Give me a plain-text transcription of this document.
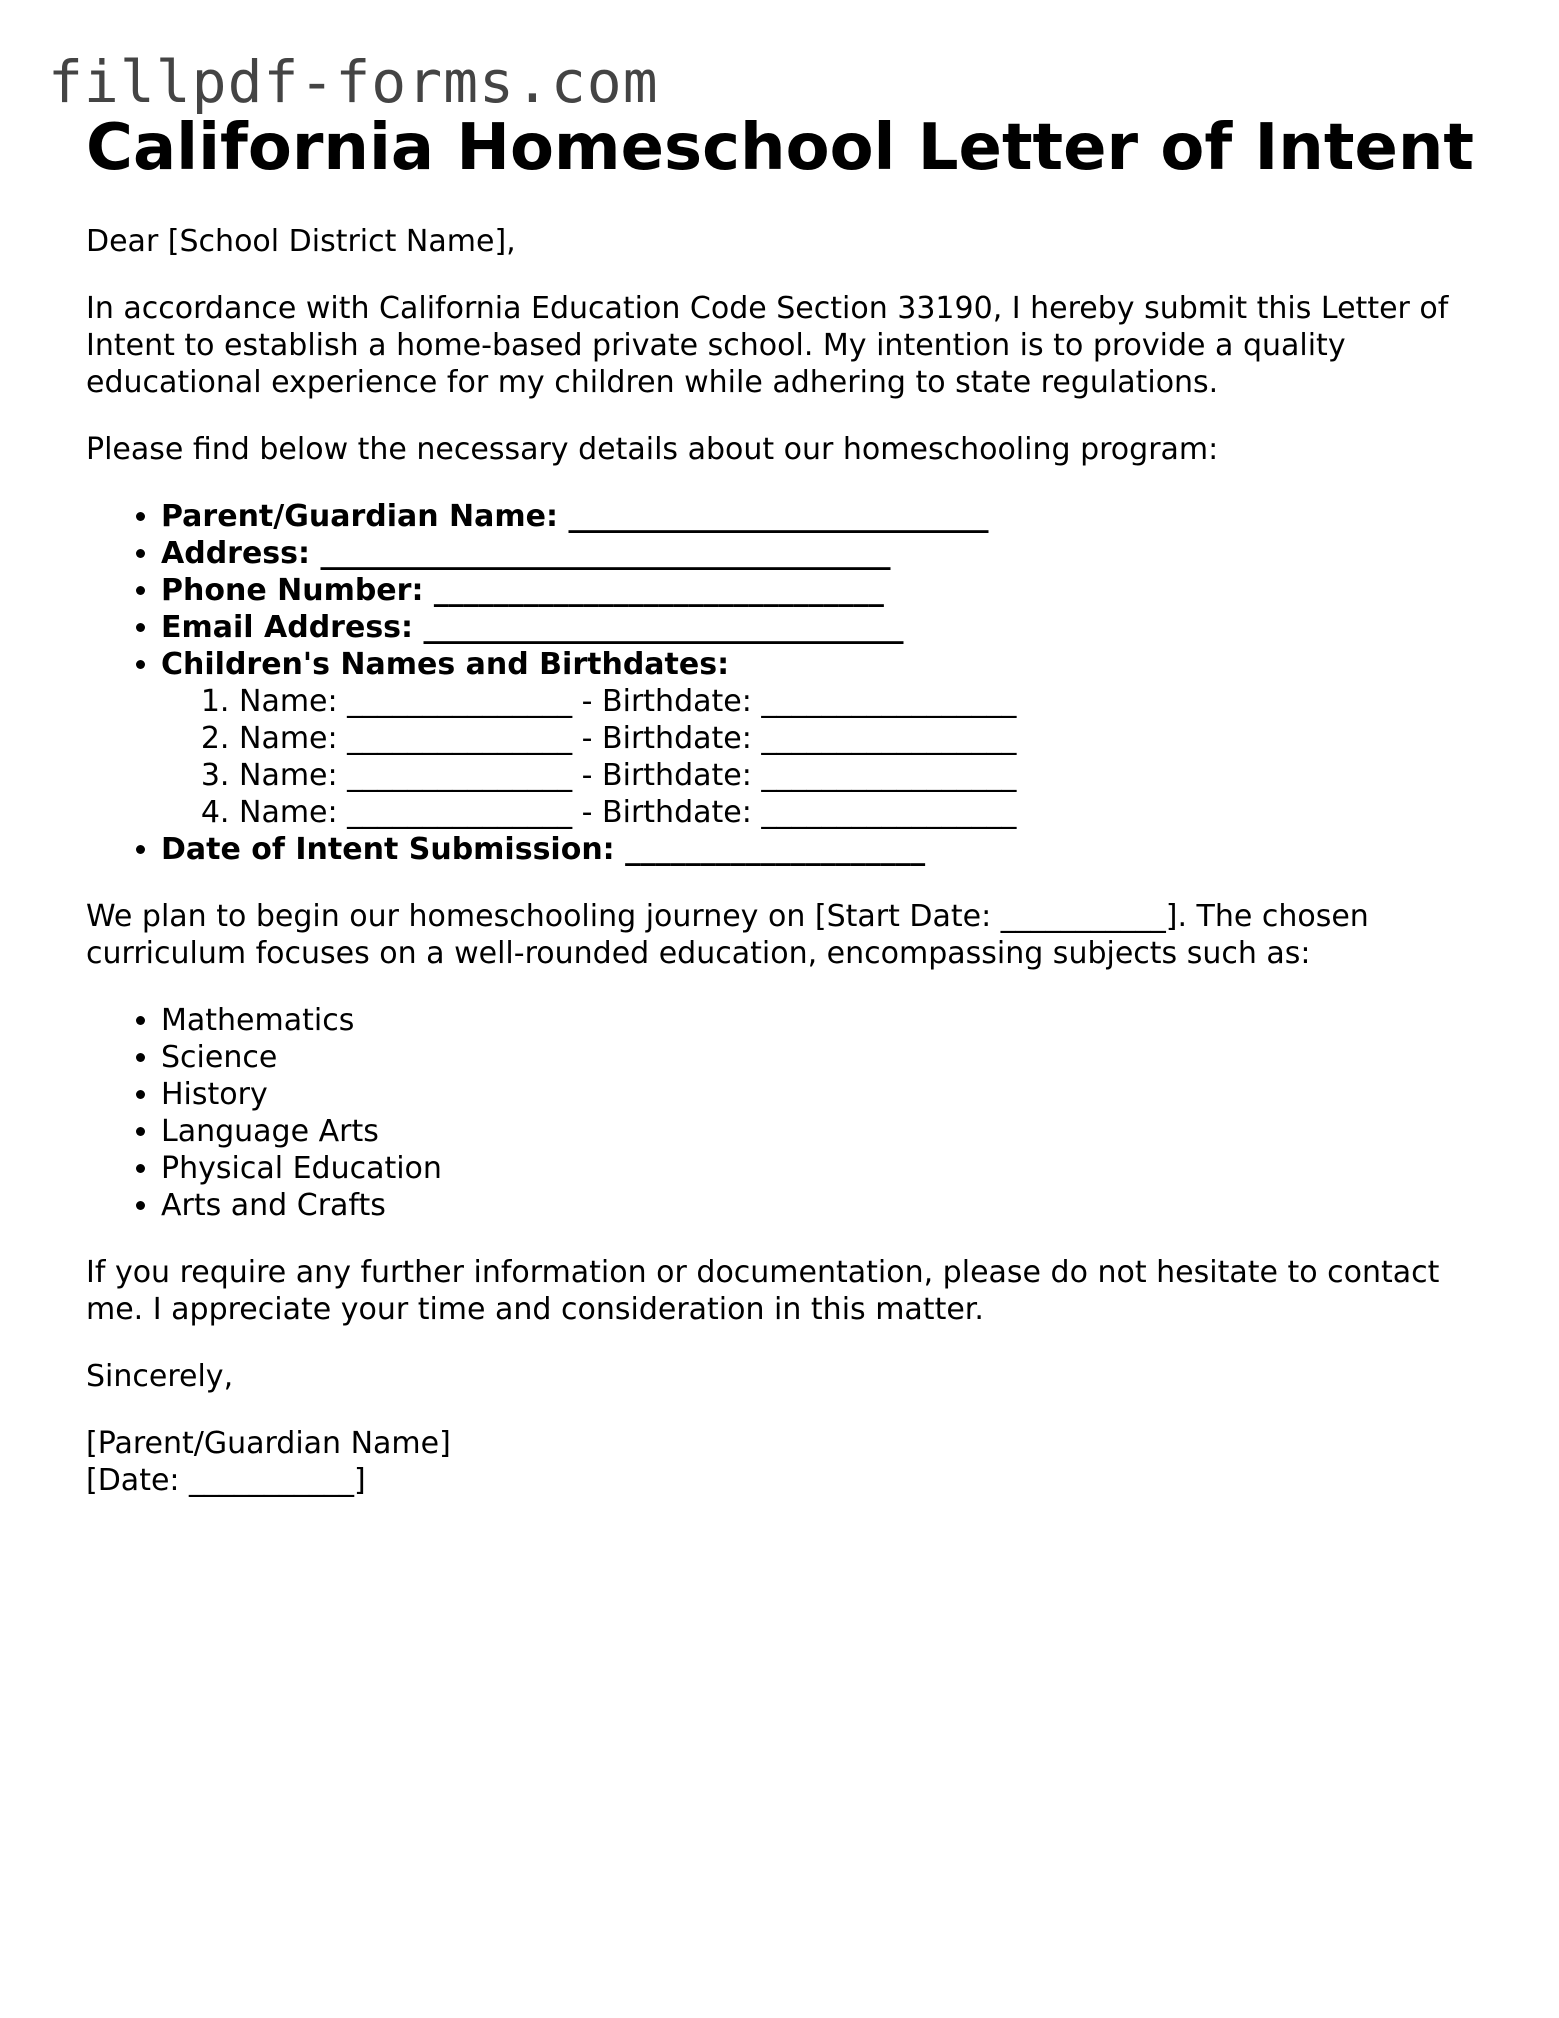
fillpdf-forms.com
California Homeschool Letter of Intent

Dear [School District Name],

In accordance with California Education Code Section 33190, I hereby submit this Letter of Intent to establish a home-based private school. My intention is to provide a quality educational experience for my children while adhering to state regulations.

Please find below the necessary details about our homeschooling program:

• Parent/Guardian Name: ____________________________
• Address: ______________________________________
• Phone Number: ______________________________
• Email Address: ________________________________
• Children's Names and Birthdates:
1. Name: _______________ - Birthdate: _________________
2. Name: _______________ - Birthdate: _________________
3. Name: _______________ - Birthdate: _________________
4. Name: _______________ - Birthdate: _________________
• Date of Intent Submission: ____________________

We plan to begin our homeschooling journey on [Start Date: ___________]. The chosen curriculum focuses on a well-rounded education, encompassing subjects such as:

• Mathematics
• Science
• History
• Language Arts
• Physical Education
• Arts and Crafts

If you require any further information or documentation, please do not hesitate to contact me. I appreciate your time and consideration in this matter.

Sincerely,

[Parent/Guardian Name]
[Date: ___________]
